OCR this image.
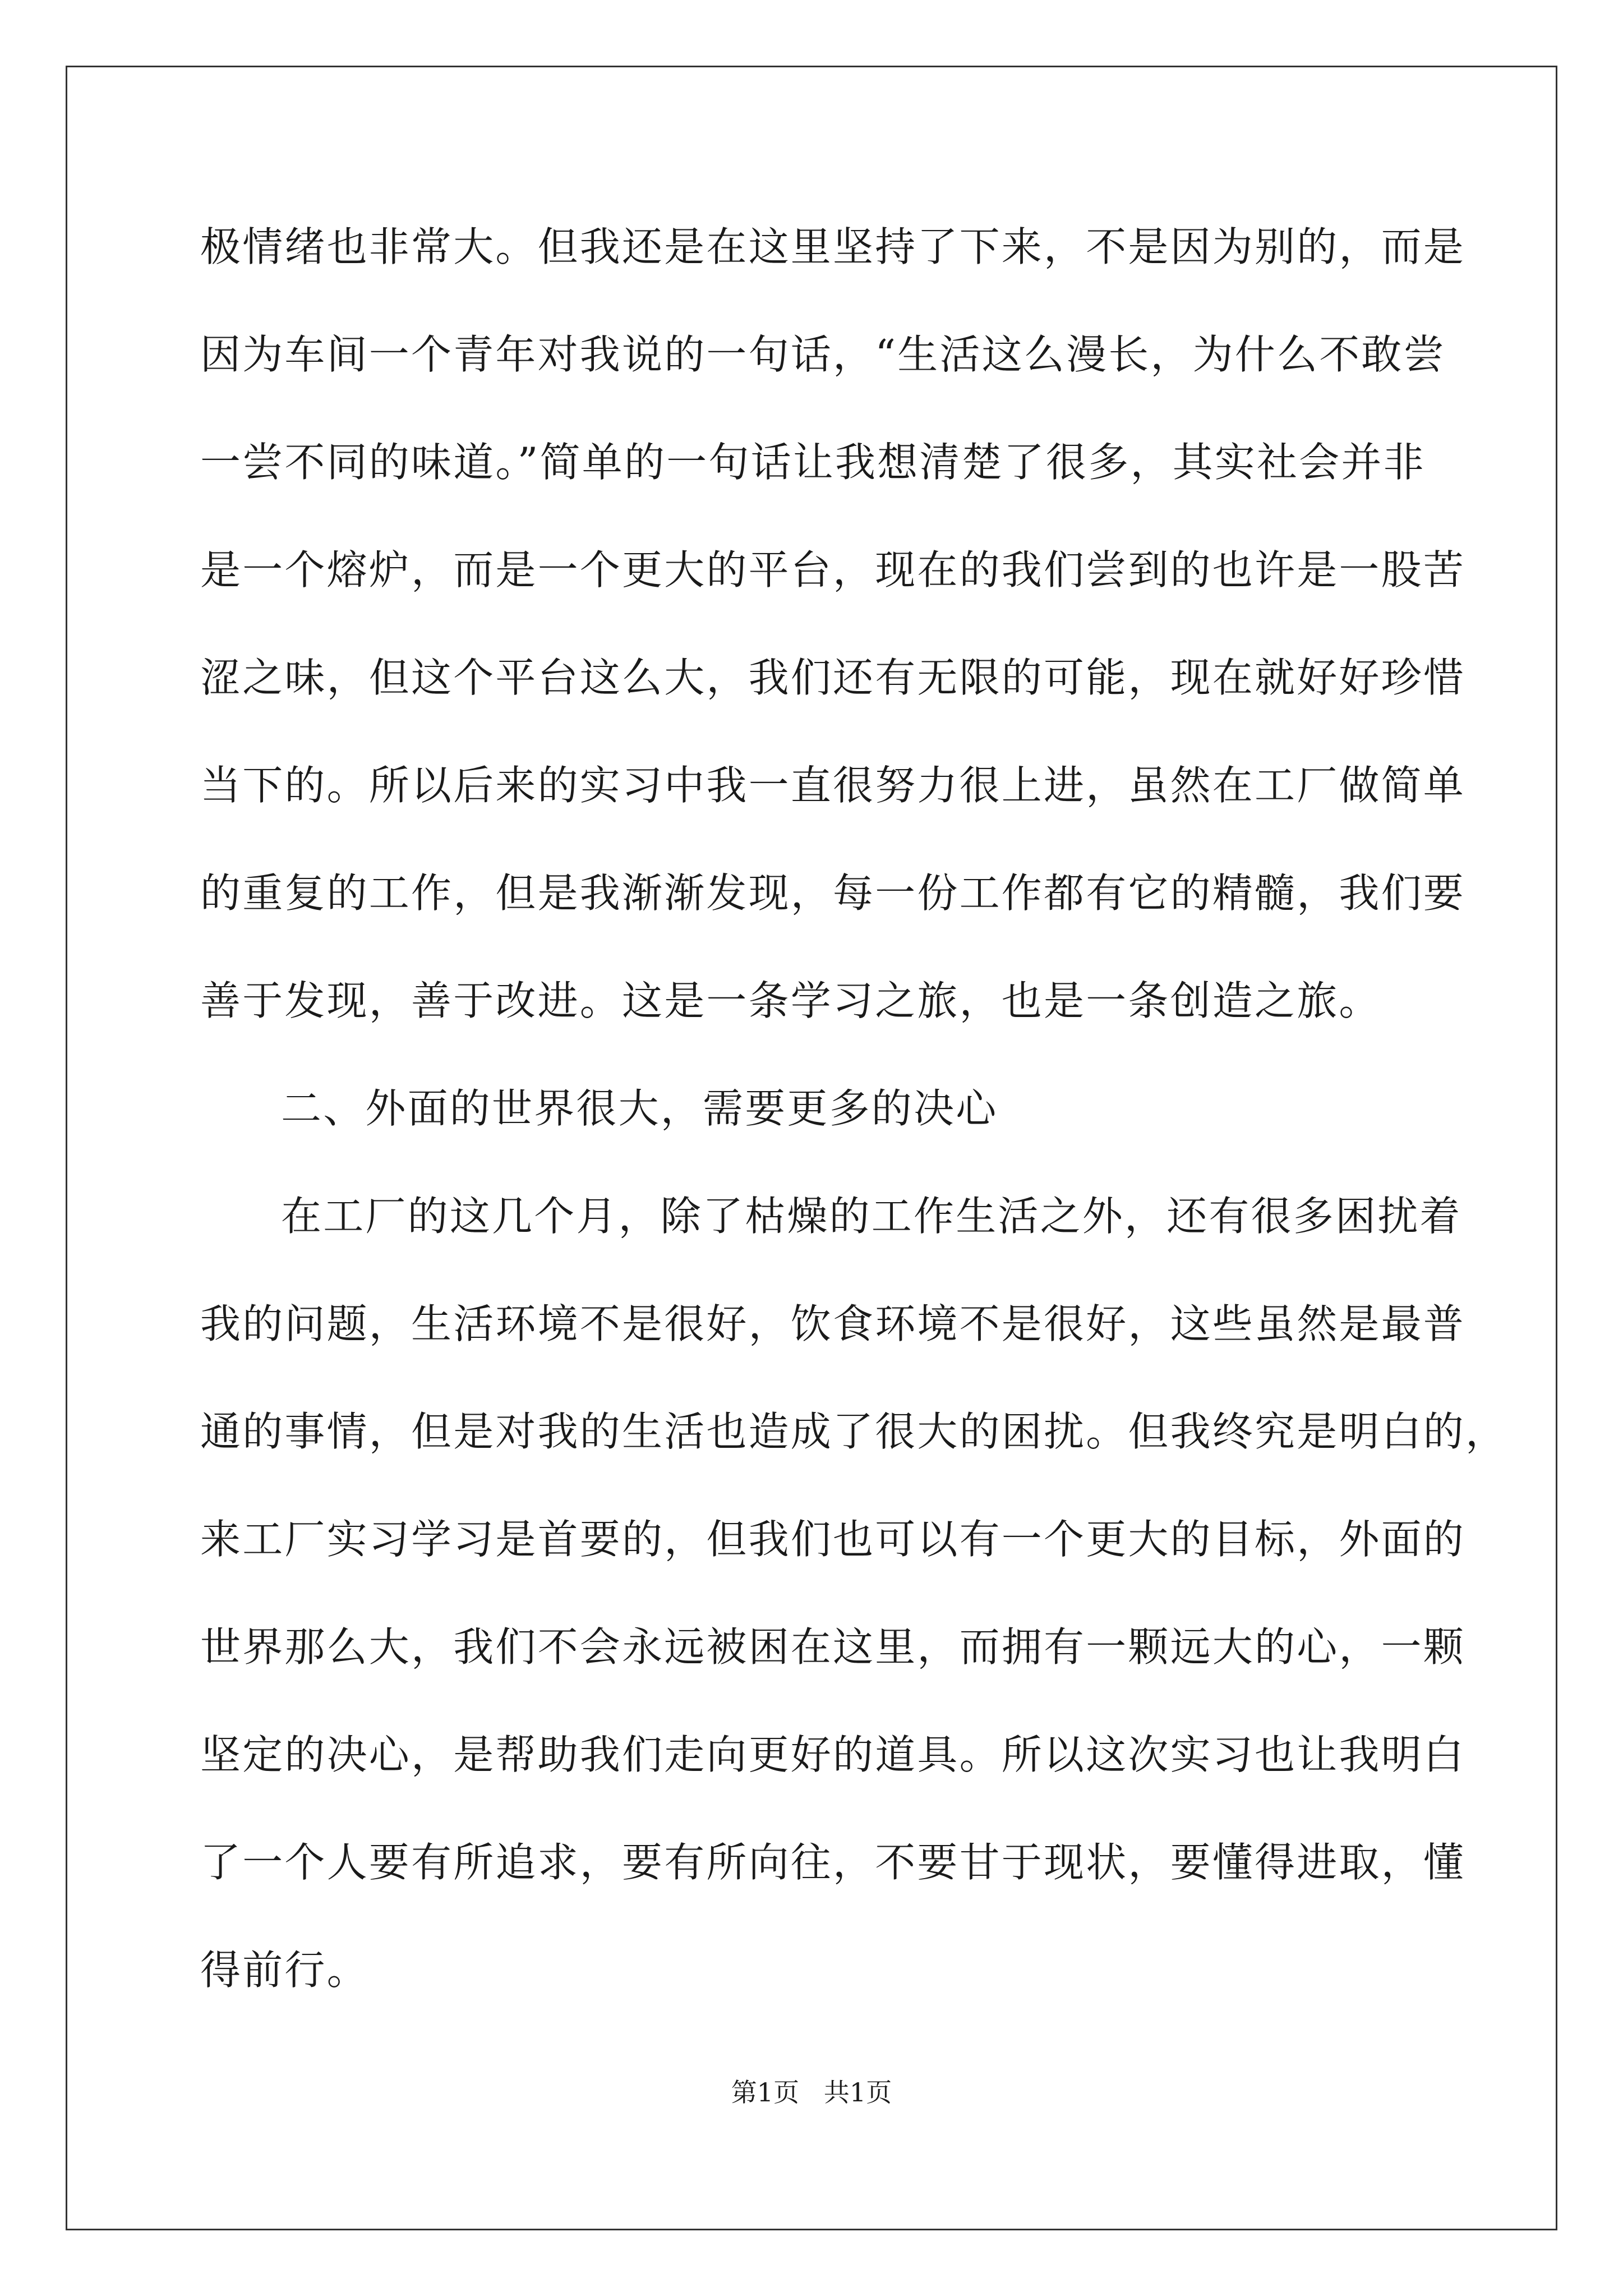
极情绪也非常大。但我还是在这里坚持了下来，不是因为别的，而是
因为车间一个青年对我说的一句话，“生活这么漫长，为什么不敢尝
一尝不同的味道。”简单的一句话让我想清楚了很多，其实社会并非
是一个熔炉，而是一个更大的平台，现在的我们尝到的也许是一股苦
涩之味，但这个平台这么大，我们还有无限的可能，现在就好好珍惜
当下的。所以后来的实习中我一直很努力很上进，虽然在工厂做简单
的重复的工作，但是我渐渐发现，每一份工作都有它的精髓，我们要
善于发现，善于改进。这是一条学习之旅，也是一条创造之旅。
二、外面的世界很大，需要更多的决心
在工厂的这几个月，除了枯燥的工作生活之外，还有很多困扰着
我的问题，生活环境不是很好，饮食环境不是很好，这些虽然是最普
通的事情，但是对我的生活也造成了很大的困扰。但我终究是明白的，
来工厂实习学习是首要的，但我们也可以有一个更大的目标，外面的
世界那么大，我们不会永远被困在这里，而拥有一颗远大的心，一颗
坚定的决心，是帮助我们走向更好的道具。所以这次实习也让我明白
了一个人要有所追求，要有所向往，不要甘于现状，要懂得进取，懂
得前行。
第1页   共1页
